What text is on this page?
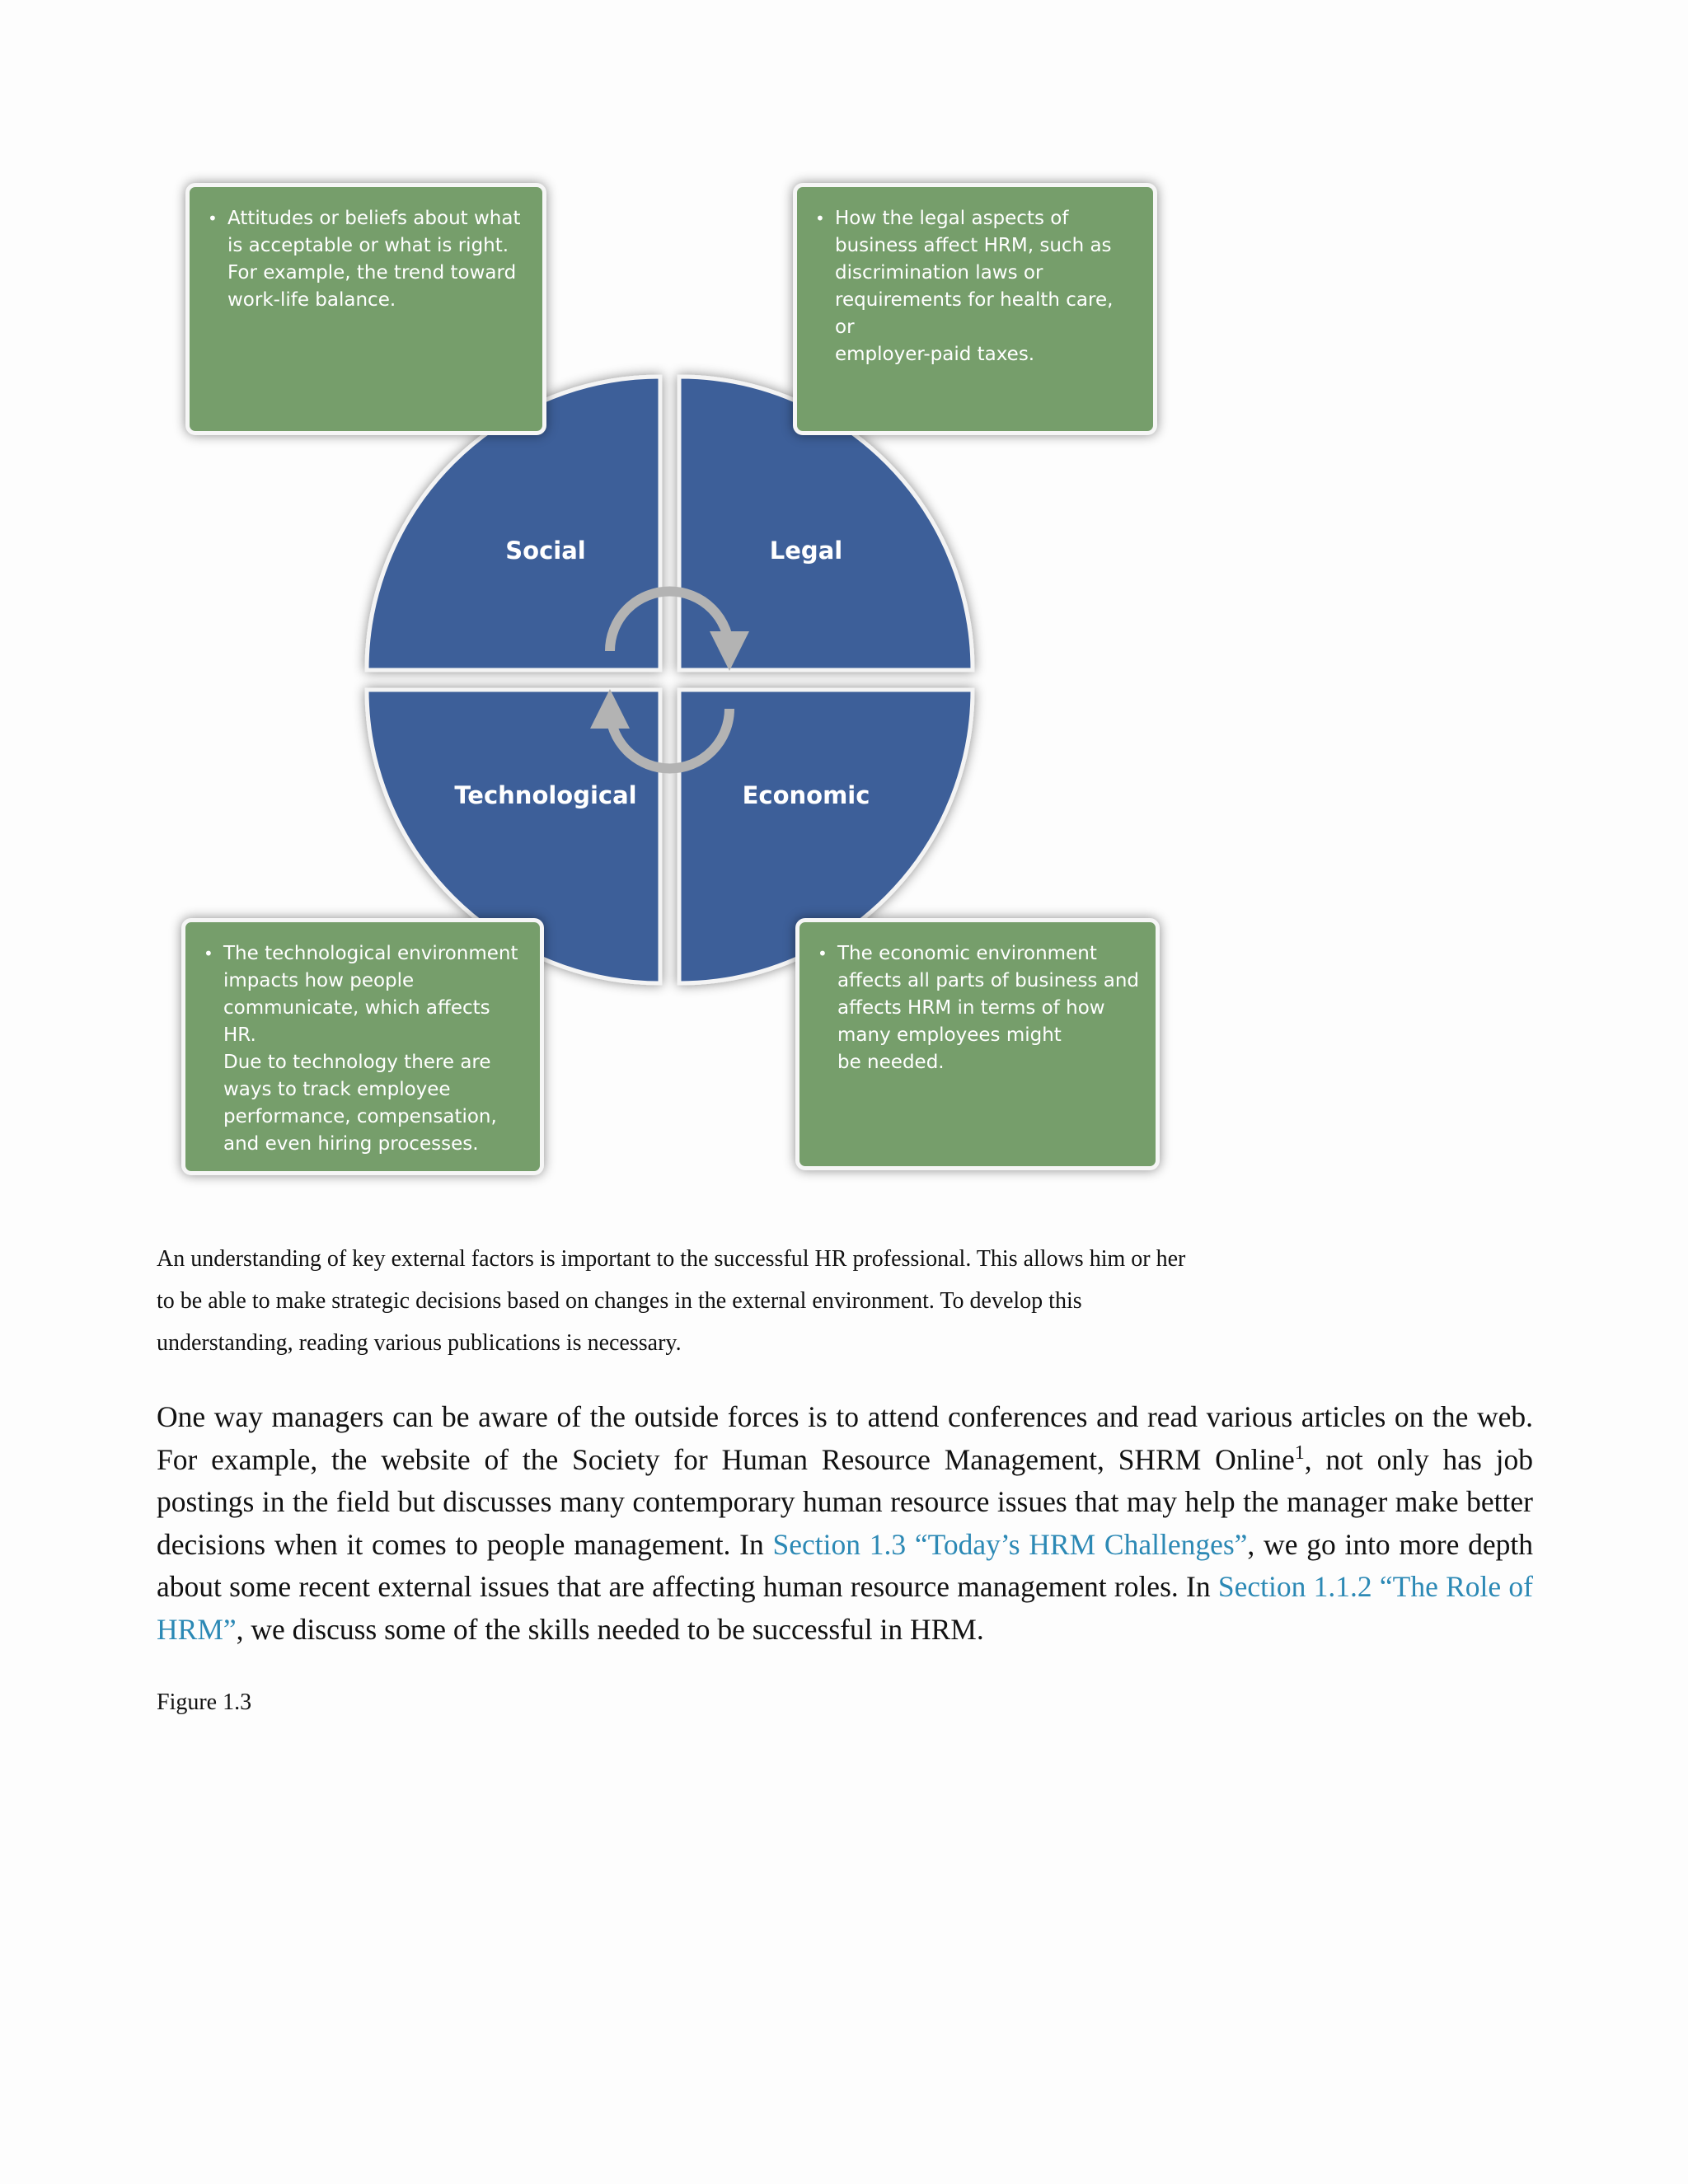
Social	Legal
Technological	Economic
• Attitudes or beliefs about what
is acceptable or what is right.
For example, the trend toward
work-life balance.
• How the legal aspects of
business affect HRM, such as
discrimination laws or
requirements for health care, or
employer-paid taxes.
• The technological environment
impacts how people
communicate, which affects HR.
Due to technology there are
ways to track employee
performance, compensation,
and even hiring processes.
• The economic environment
affects all parts of business and
affects HRM in terms of how
many employees might
be needed.

An understanding of key external factors is important to the successful HR professional. This allows him or her to be able to make strategic decisions based on changes in the external environment. To develop this understanding, reading various publications is necessary.

One way managers can be aware of the outside forces is to attend conferences and read various articles on the web. For example, the website of the Society for Human Resource Management, SHRM Online$^1$, not only has job postings in the field but discusses many contemporary human resource issues that may help the manager make better decisions when it comes to people management. In Section 1.3 “Today’s HRM Challenges”, we go into more depth about some recent external issues that are affecting human resource management roles. In Section 1.1.2 “The Role of HRM”, we discuss some of the skills needed to be successful in HRM.

Figure 1.3
